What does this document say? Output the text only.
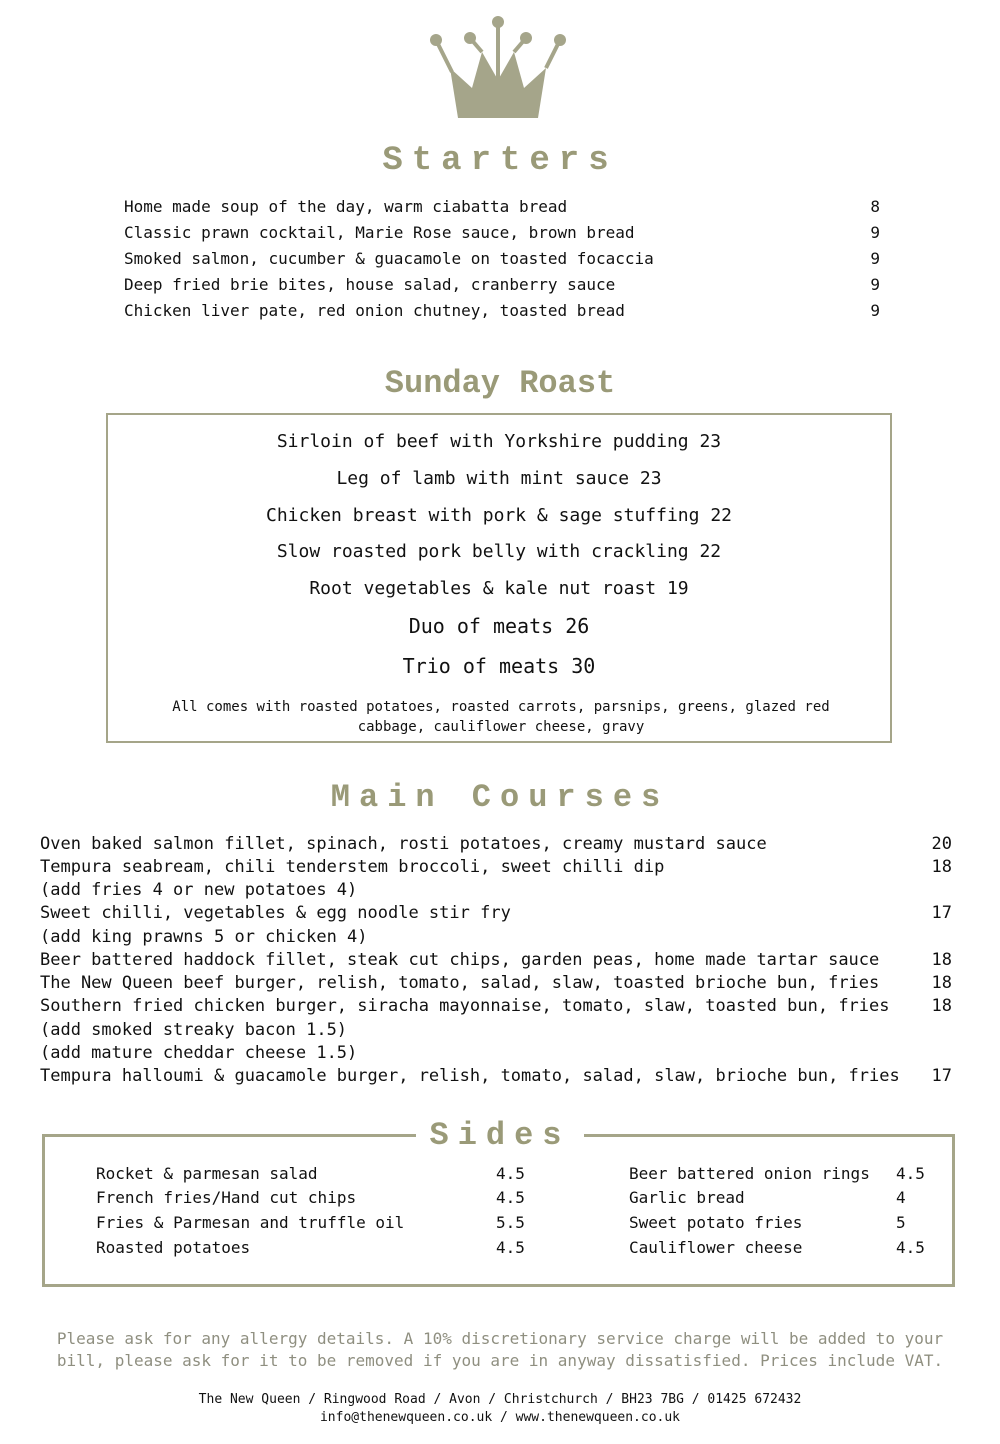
Starters
Home made soup of the day, warm ciabatta bread	8
Classic prawn cocktail, Marie Rose sauce, brown bread	9
Smoked salmon, cucumber & guacamole on toasted focaccia	9
Deep fried brie bites, house salad, cranberry sauce	9
Chicken liver pate, red onion chutney, toasted bread	9
Sunday Roast
Sirloin of beef with Yorkshire pudding 23
Leg of lamb with mint sauce 23
Chicken breast with pork & sage stuffing 22
Slow roasted pork belly with crackling 22
Root vegetables & kale nut roast 19
Duo of meats 26
Trio of meats 30
All comes with roasted potatoes, roasted carrots, parsnips, greens, glazed red cabbage, cauliflower cheese, gravy
Main Courses
Oven baked salmon fillet, spinach, rosti potatoes, creamy mustard sauce	20
Tempura seabream, chili tenderstem broccoli, sweet chilli dip	18
(add fries 4 or new potatoes 4)
Sweet chilli, vegetables & egg noodle stir fry	17
(add king prawns 5 or chicken 4)
Beer battered haddock fillet, steak cut chips, garden peas, home made tartar sauce	18
The New Queen beef burger, relish, tomato, salad, slaw, toasted brioche bun, fries	18
Southern fried chicken burger, siracha mayonnaise, tomato, slaw, toasted bun, fries 18
(add smoked streaky bacon 1.5)
(add mature cheddar cheese 1.5)
Tempura halloumi & guacamole burger, relish, tomato, salad, slaw, brioche bun, fries 17
Sides
Rocket & parmesan salad	4.5
French fries/Hand cut chips	4.5
Fries & Parmesan and truffle oil	5.5
Roasted potatoes	4.5
Beer battered onion rings 4.5
Garlic bread	4
Sweet potato fries	5
Cauliflower cheese	4.5
Please ask for any allergy details. A 10% discretionary service charge will be added to your bill, please ask for it to be removed if you are in anyway dissatisfied. Prices include VAT.
The New Queen / Ringwood Road / Avon / Christchurch / BH23 7BG / 01425 672432
info@thenewqueen.co.uk / www.thenewqueen.co.uk
